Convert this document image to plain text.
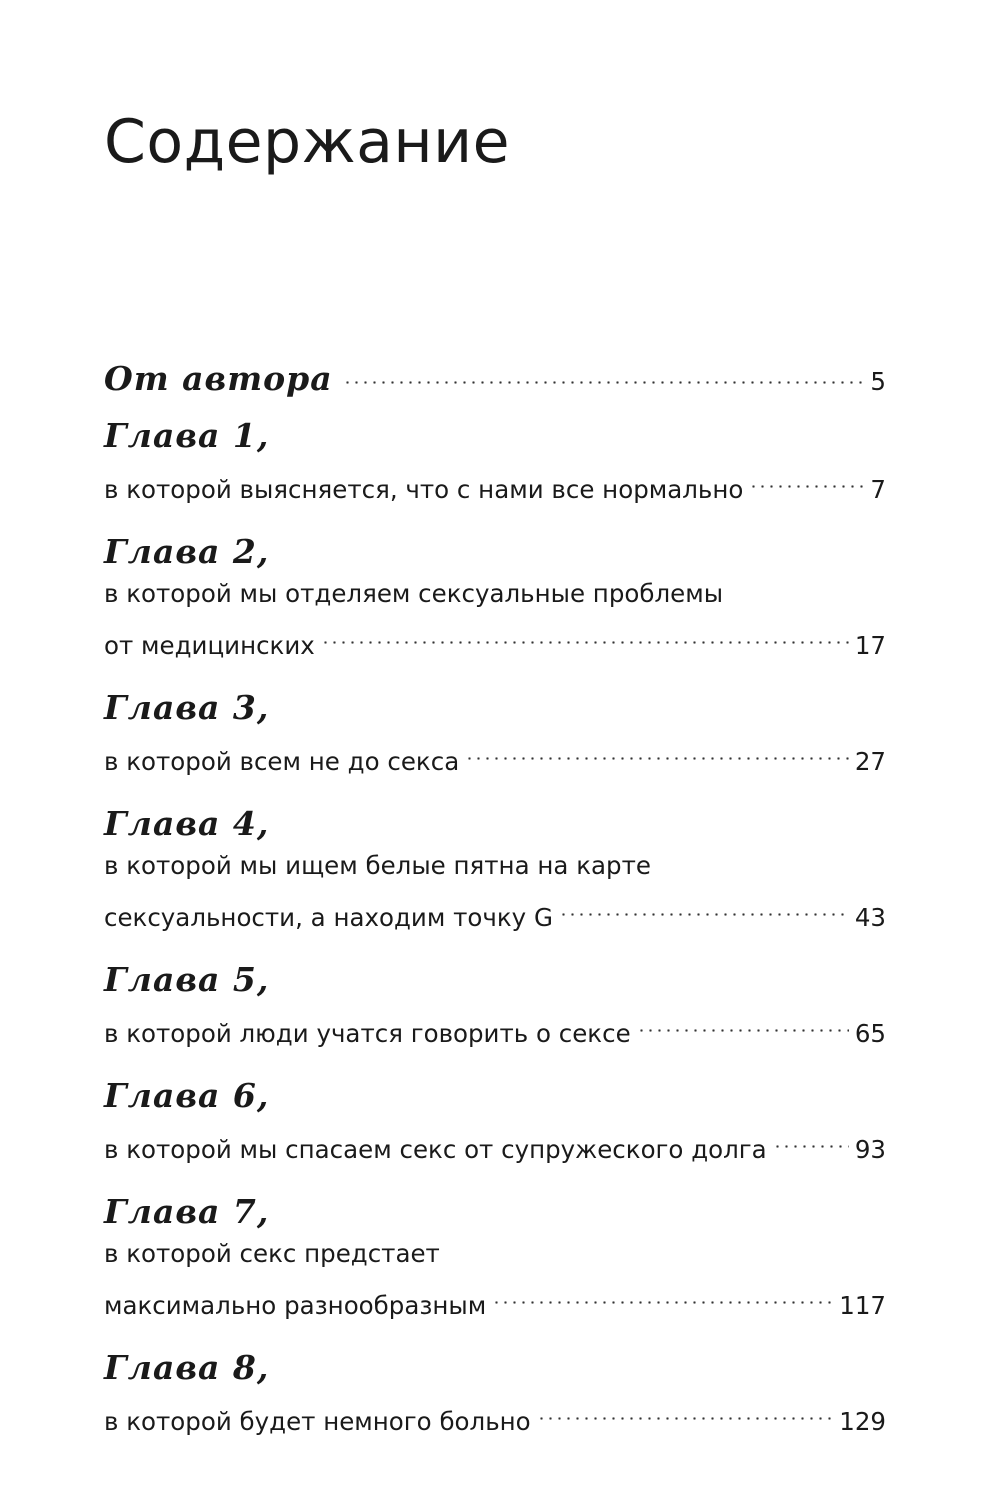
Содержание
От автора	5
Глава 1,
в которой выясняется, что с нами все нормально	7
Глава 2,
в которой мы отделяем сексуальные проблемы
от медицинских	17
Глава 3,
в которой всем не до секса	27
Глава 4,
в которой мы ищем белые пятна на карте
сексуальности, а находим точку G	43
Глава 5,
в которой люди учатся говорить о сексе	65
Глава 6,
в которой мы спасаем секс от супружеского долга	93
Глава 7,
в которой секс предстает
максимально разнообразным	117
Глава 8,
в которой будет немного больно	129
